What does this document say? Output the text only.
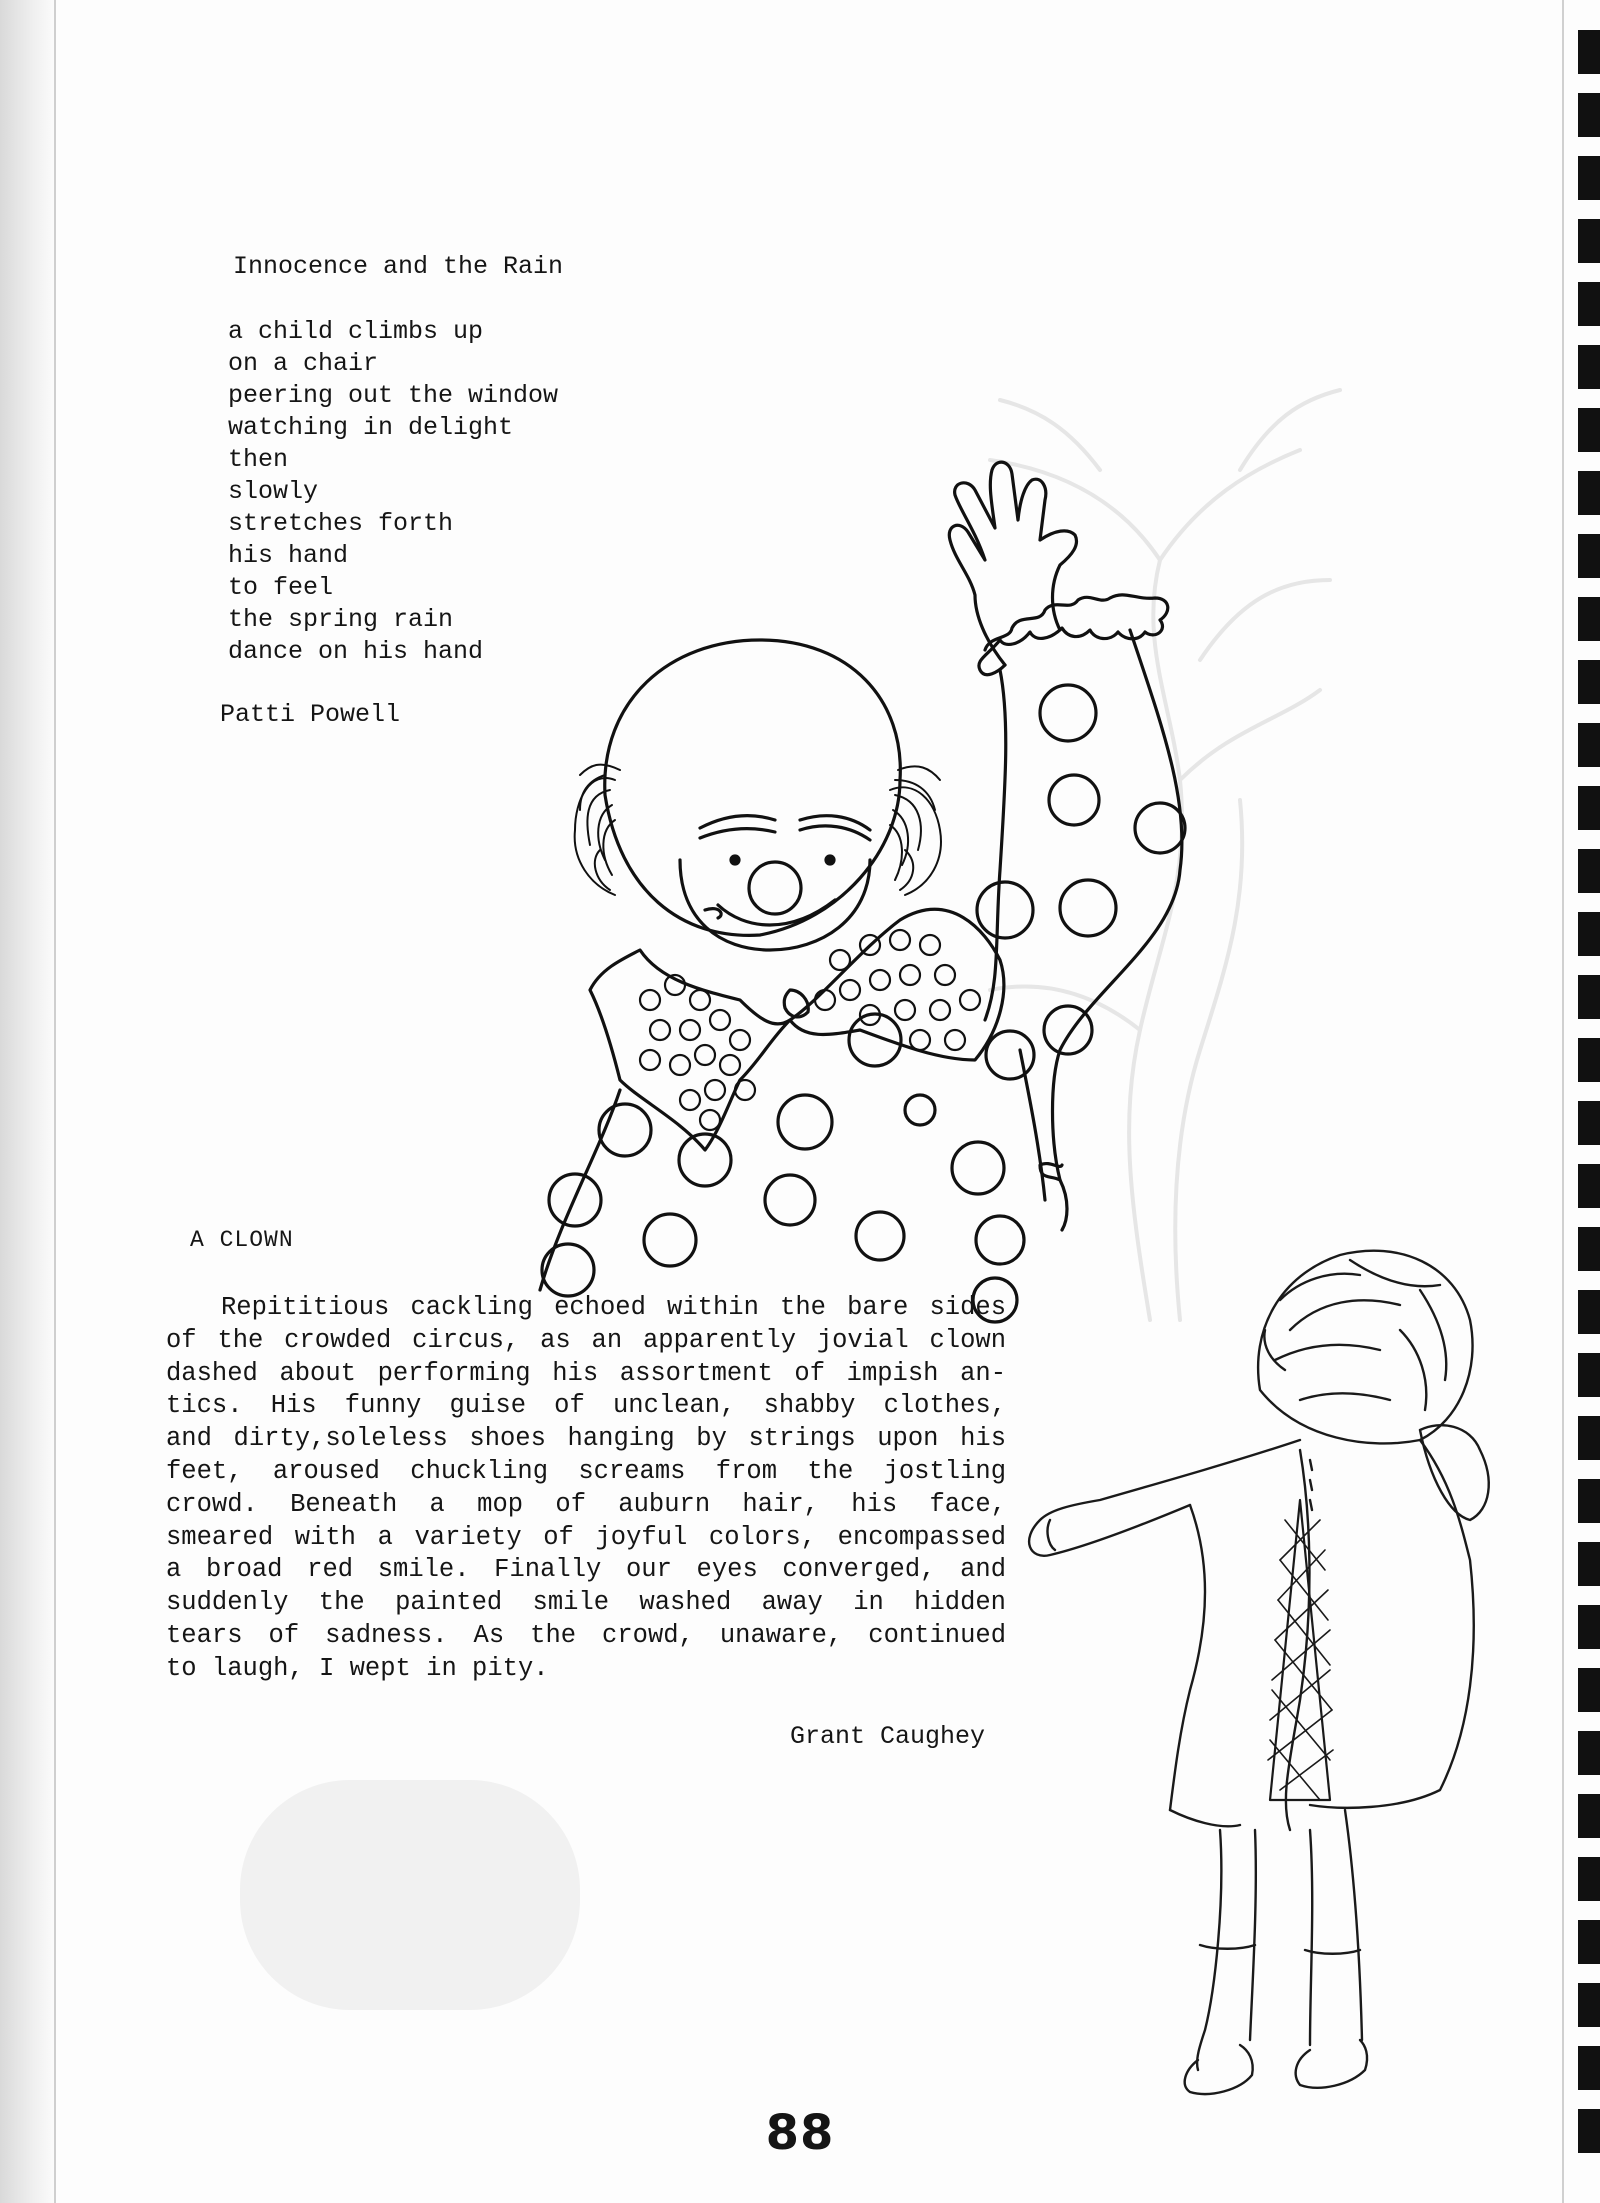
Innocence and the Rain
a child climbs up
on a chair
peering out the window
watching in delight
then
slowly
stretches forth
his hand
to feel
the spring rain
dance on his hand
Patti Powell
A CLOWN
Repititious cackling echoed within the bare sides
of the crowded circus, as an apparently jovial clown
dashed about performing his assortment of impish an-
tics. His funny guise of unclean, shabby clothes,
and dirty,soleless shoes hanging by strings upon his
feet, aroused chuckling screams from the jostling
crowd. Beneath a mop of auburn hair, his face,
smeared with a variety of joyful colors, encompassed
a broad red smile. Finally our eyes converged, and
suddenly the painted smile washed away in hidden
tears of sadness. As the crowd, unaware, continued
to laugh, I wept in pity.
Grant Caughey
88
